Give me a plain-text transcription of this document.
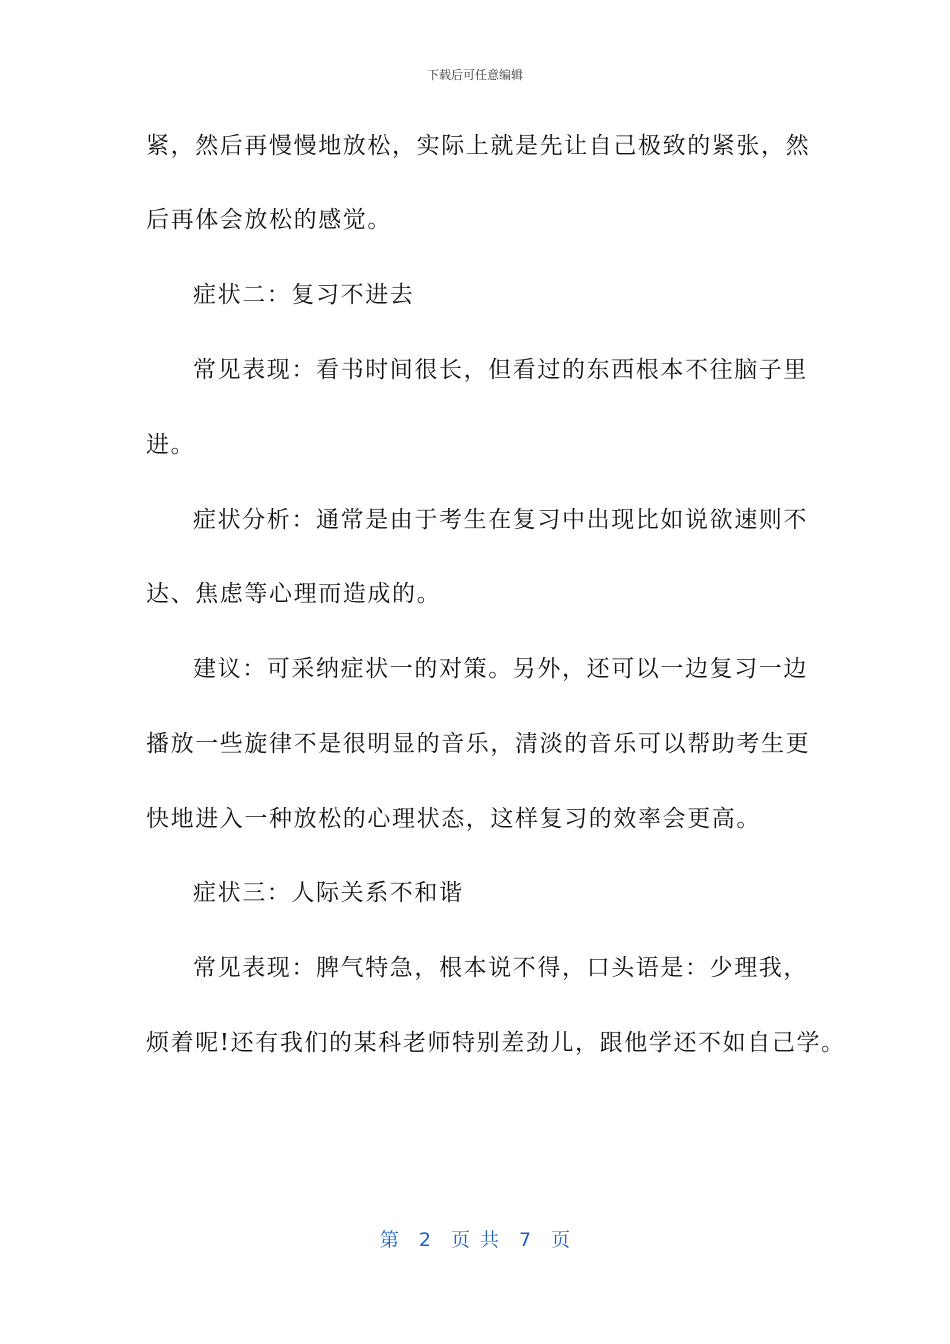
下载后可任意编辑
紧，然后再慢慢地放松，实际上就是先让自己极致的紧张，然
后再体会放松的感觉。
症状二：复习不进去
常见表现：看书时间很长，但看过的东西根本不往脑子里
进。
症状分析：通常是由于考生在复习中出现比如说欲速则不
达、焦虑等心理而造成的。
建议：可采纳症状一的对策。另外，还可以一边复习一边
播放一些旋律不是很明显的音乐，清淡的音乐可以帮助考生更
快地进入一种放松的心理状态，这样复习的效率会更高。
症状三：人际关系不和谐
常见表现：脾气特急，根本说不得，口头语是：少理我，
烦着呢!还有我们的某科老师特别差劲儿，跟他学还不如自己学。
第 2 页 共 7 页
